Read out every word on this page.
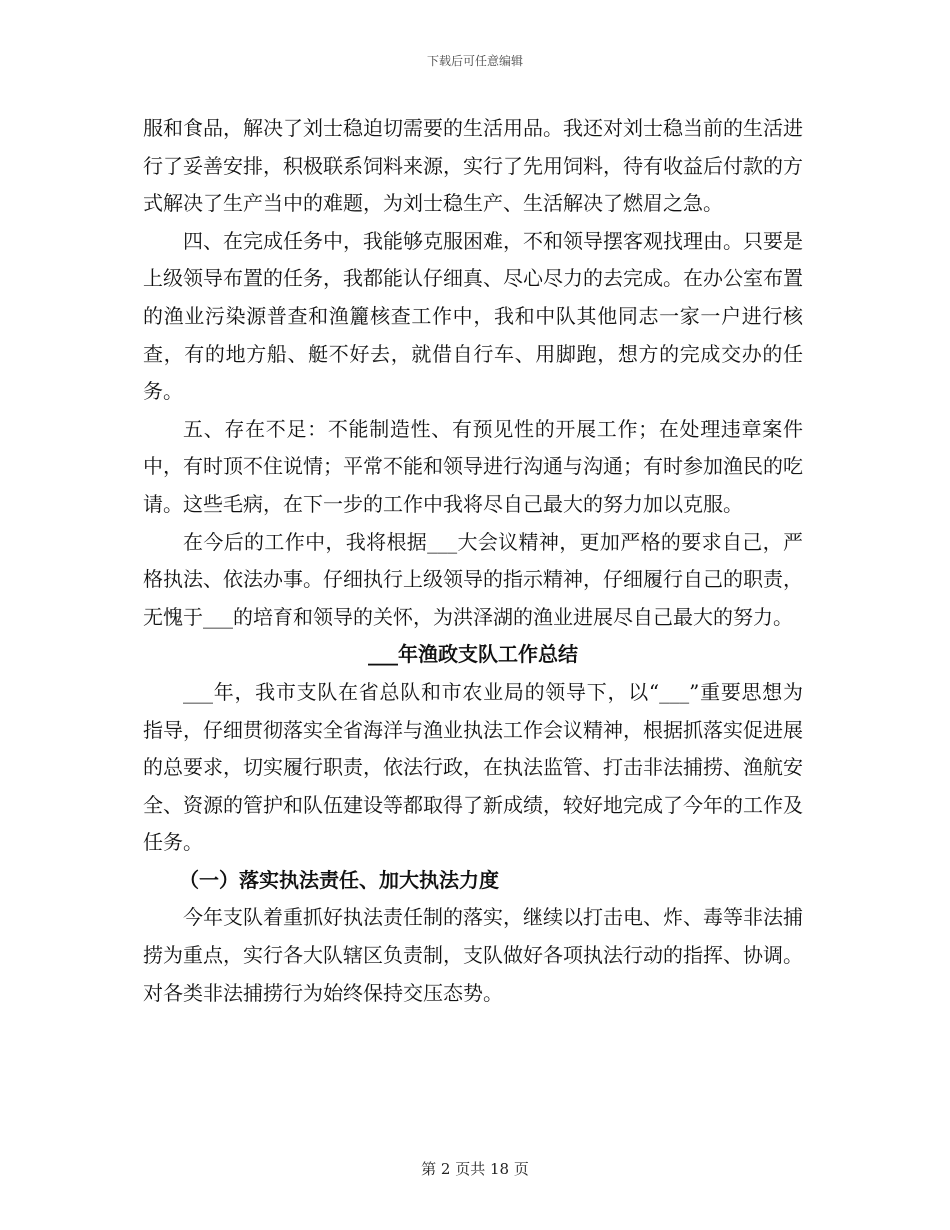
下载后可任意编辑

服和食品，解决了刘士稳迫切需要的生活用品。我还对刘士稳当前的生活进行了妥善安排，积极联系饲料来源，实行了先用饲料，待有收益后付款的方式解决了生产当中的难题，为刘士稳生产、生活解决了燃眉之急。

四、在完成任务中，我能够克服困难，不和领导摆客观找理由。只要是上级领导布置的任务，我都能认仔细真、尽心尽力的去完成。在办公室布置的渔业污染源普查和渔籭核查工作中，我和中队其他同志一家一户进行核查，有的地方船、艇不好去，就借自行车、用脚跑，想方的完成交办的任务。

五、存在不足：不能制造性、有预见性的开展工作；在处理违章案件中，有时顶不住说情；平常不能和领导进行沟通与沟通；有时参加渔民的吃请。这些毛病，在下一步的工作中我将尽自己最大的努力加以克服。

在今后的工作中，我将根据___大会议精神，更加严格的要求自己，严格执法、依法办事。仔细执行上级领导的指示精神，仔细履行自己的职责，无愧于___的培育和领导的关怀，为洪泽湖的渔业进展尽自己最大的努力。

___年渔政支队工作总结

___年，我市支队在省总队和市农业局的领导下，以“___”重要思想为指导，仔细贯彻落实全省海洋与渔业执法工作会议精神，根据抓落实促进展的总要求，切实履行职责，依法行政，在执法监管、打击非法捕捞、渔航安全、资源的管护和队伍建设等都取得了新成绩，较好地完成了今年的工作及任务。

（一）落实执法责任、加大执法力度

今年支队着重抓好执法责任制的落实，继续以打击电、炸、毒等非法捕捞为重点，实行各大队辖区负责制，支队做好各项执法行动的指挥、协调。对各类非法捕捞行为始终保持交压态势。

第 2 页共 18 页
